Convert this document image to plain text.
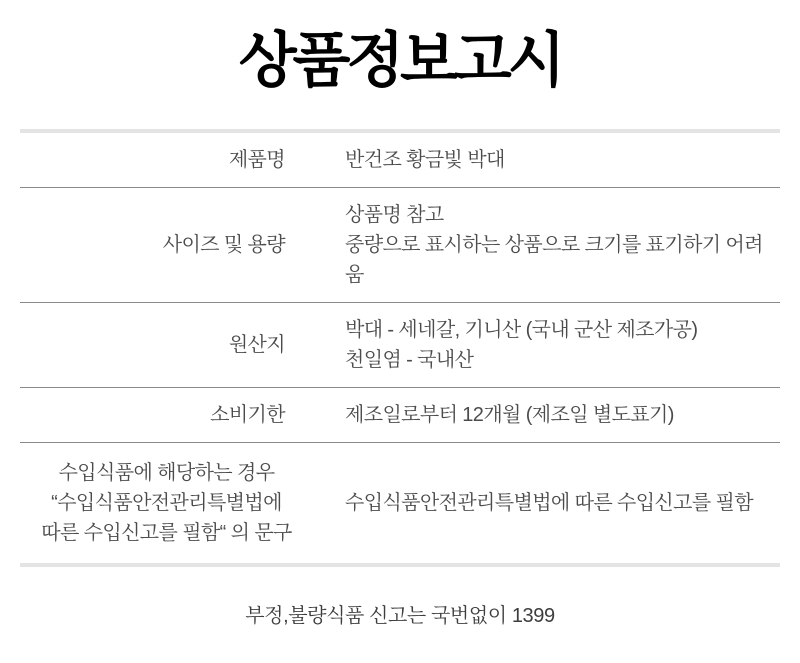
상품정보고시
제품명	반건조 황금빛 박대
사이즈 및 용량
상품명 참고
중량으로 표시하는 상품으로 크기를 표기하기 어려움
원산지
박대 - 세네갈, 기니산 (국내 군산 제조가공)
천일염 - 국내산
소비기한	제조일로부터 12개월 (제조일 별도표기)
수입식품에 해당하는 경우
“수입식품안전관리특별법에
따른 수입신고를 필함“ 의 문구
수입식품안전관리특별법에 따른 수입신고를 필함
부정,불량식품 신고는 국번없이 1399
